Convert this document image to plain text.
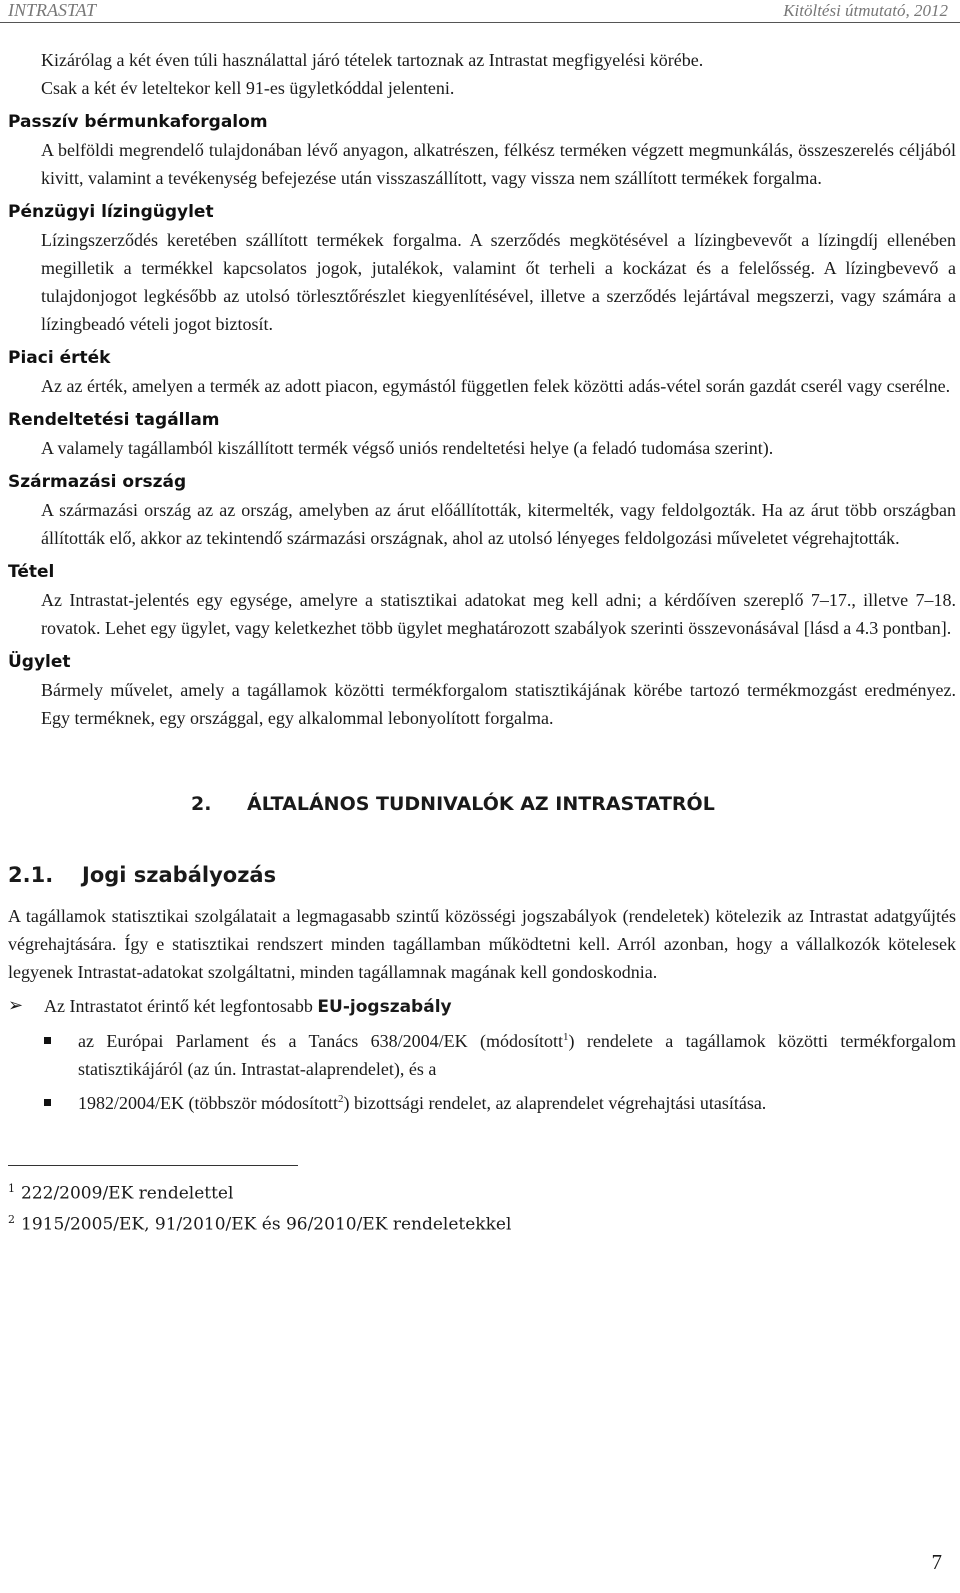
INTRASTAT	Kitöltési útmutató, 2012

Kizárólag a két éven túli használattal járó tételek tartoznak az Intrastat megfigyelési körébe.

Csak a két év leteltekor kell 91-es ügyletkóddal jelenteni.

Passzív bérmunkaforgalom

A belföldi megrendelő tulajdonában lévő anyagon, alkatrészen, félkész terméken végzett megmunkálás, összeszerelés céljából kivitt, valamint a tevékenység befejezése után visszaszállított, vagy vissza nem szállított termékek forgalma.

Pénzügyi lízingügylet

Lízingszerződés keretében szállított termékek forgalma. A szerződés megkötésével a lízingbevevőt a lízingdíj ellenében megilletik a termékkel kapcsolatos jogok, jutalékok, valamint őt terheli a kockázat és a felelősség. A lízingbevevő a tulajdonjogot legkésőbb az utolsó törlesztőrészlet kiegyenlítésével, illetve a szerződés lejártával megszerzi, vagy számára a lízingbeadó vételi jogot biztosít.

Piaci érték

Az az érték, amelyen a termék az adott piacon, egymástól független felek közötti adás-vétel során gazdát cserél vagy cserélne.

Rendeltetési tagállam

A valamely tagállamból kiszállított termék végső uniós rendeltetési helye (a feladó tudomása szerint).

Származási ország

A származási ország az az ország, amelyben az árut előállították, kitermelték, vagy feldolgozták. Ha az árut több országban állították elő, akkor az tekintendő származási országnak, ahol az utolsó lényeges feldolgozási műveletet végrehajtották.

Tétel

Az Intrastat-jelentés egy egysége, amelyre a statisztikai adatokat meg kell adni; a kérdőíven szereplő 7–17., illetve 7–18. rovatok. Lehet egy ügylet, vagy keletkezhet több ügylet meghatározott szabályok szerinti összevonásával [lásd a 4.3 pontban].

Ügylet

Bármely művelet, amely a tagállamok közötti termékforgalom statisztikájának körébe tartozó termékmozgást eredményez. Egy terméknek, egy országgal, egy alkalommal lebonyolított forgalma.

2. ÁLTALÁNOS TUDNIVALÓK AZ INTRASTATRÓL
2.1. Jogi szabályozás

A tagállamok statisztikai szolgálatait a legmagasabb szintű közösségi jogszabályok (rendeletek) kötelezik az Intrastat adatgyűjtés végrehajtására. Így e statisztikai rendszert minden tagállamban működtetni kell. Arról azonban, hogy a vállalkozók kötelesek legyenek Intrastat-adatokat szolgáltatni, minden tagállamnak magának kell gondoskodnia.

➢ Az Intrastatot érintő két legfontosabb EU-jogszabály
az Európai Parlament és a Tanács 638/2004/EK (módosított$^1$) rendelete a tagállamok közötti termékforgalom statisztikájáról (az ún. Intrastat-alaprendelet), és a
1982/2004/EK (többször módosított$^2$) bizottsági rendelet, az alaprendelet végrehajtási utasítása.
$^1$ 222/2009/EK rendelettel
$^2$ 1915/2005/EK, 91/2010/EK és 96/2010/EK rendeletekkel
7
